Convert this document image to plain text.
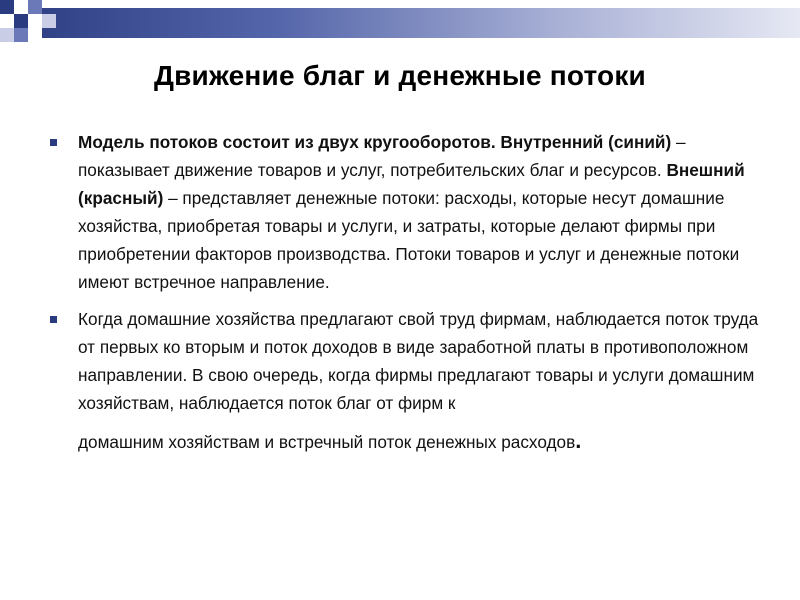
Движение благ и денежные потоки
Модель потоков состоит из двух кругооборотов. Внутренний (синий) – показывает движение товаров и услуг, потребительских благ и ресурсов. Внешний (красный) – представляет денежные потоки: расходы, которые несут домашние хозяйства, приобретая товары и услуги, и затраты, которые делают фирмы при приобретении факторов производства. Потоки товаров и услуг и денежные потоки имеют встречное направление.
Когда домашние хозяйства предлагают свой труд фирмам, наблюдается поток труда от первых ко вторым и поток доходов в виде заработной платы в противоположном направлении. В свою очередь, когда фирмы предлагают товары и услуги домашним хозяйствам, наблюдается поток благ от фирм к
домашним хозяйствам и встречный поток денежных расходов.
